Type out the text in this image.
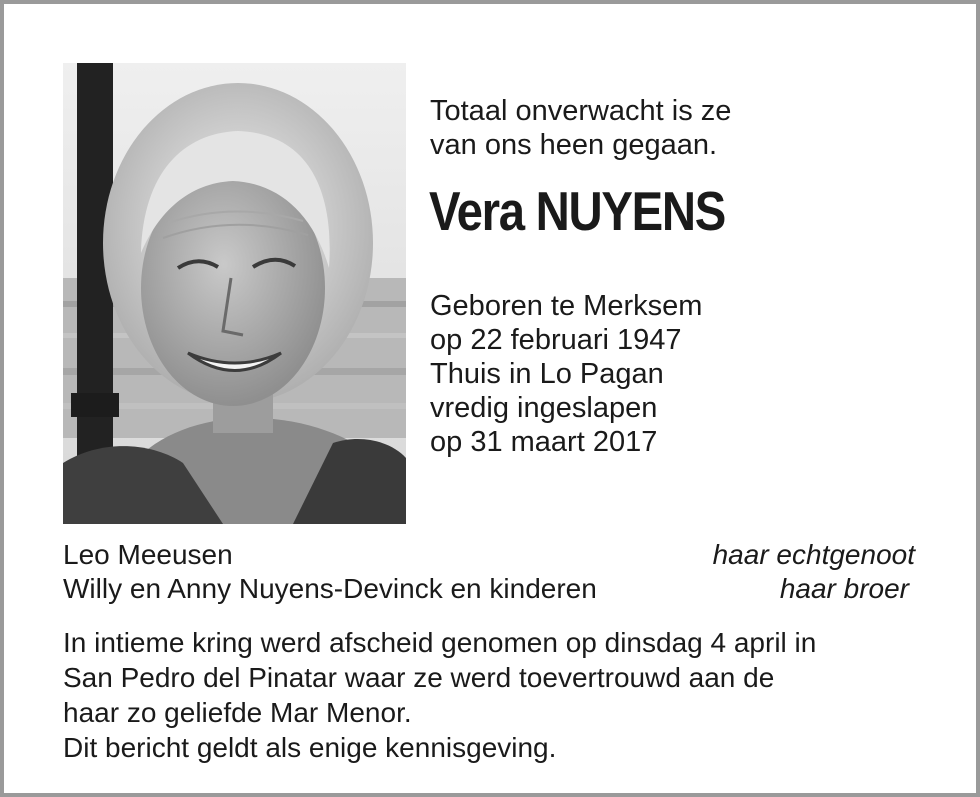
Totaal onverwacht is ze
van ons heen gegaan.
Vera NUYENS
Geboren te Merksem
op 22 februari 1947
Thuis in Lo Pagan
vredig ingeslapen
op 31 maart 2017
Leo Meeusen	haar echtgenoot
Willy en Anny Nuyens-Devinck en kinderen	haar broer
In intieme kring werd afscheid genomen op dinsdag 4 april in
San Pedro del Pinatar waar ze werd toevertrouwd aan de
haar zo geliefde Mar Menor.
Dit bericht geldt als enige kennisgeving.
